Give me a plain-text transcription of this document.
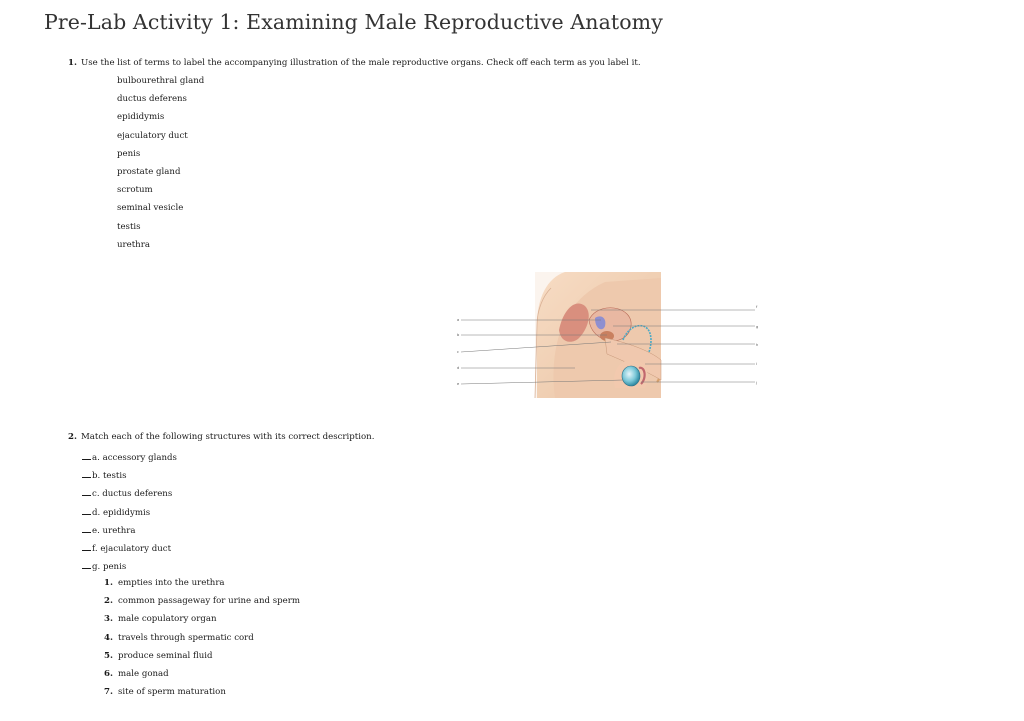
Pre-Lab Activity 1: Examining Male Reproductive Anatomy
1. Use the list of terms to label the accompanying illustration of the male reproductive organs. Check off each term as you label it.
bulbourethral gland
ductus deferens
epididymis
ejaculatory duct
penis
prostate gland
scrotum
seminal vesicle
testis
urethra
a
b
c
d
e
f
g
h
i
j
2. Match each of the following structures with its correct description.
a. accessory glands
b. testis
c. ductus deferens
d. epididymis
e. urethra
f. ejaculatory duct
g. penis
1. empties into the urethra
2. common passageway for urine and sperm
3. male copulatory organ
4. travels through spermatic cord
5. produce seminal fluid
6. male gonad
7. site of sperm maturation
